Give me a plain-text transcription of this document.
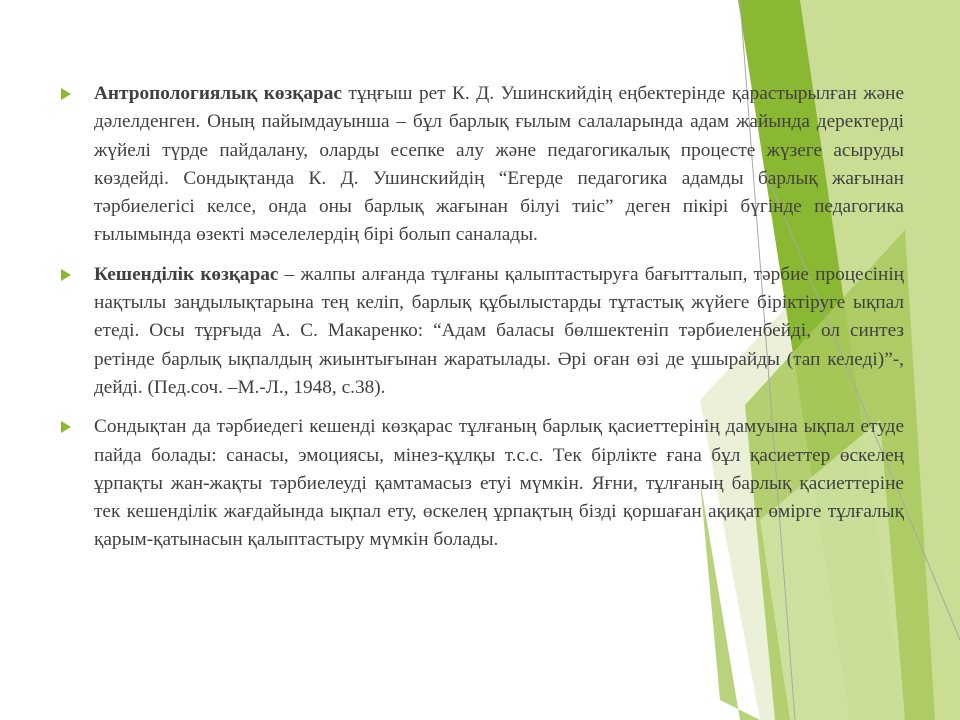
Антропологиялық көзқарас тұңғыш рет К. Д. Ушинскийдің еңбектерінде қарастырылған және дәлелденген. Оның пайымдауынша – бұл барлық ғылым салаларында адам жайында деректерді жүйелі түрде пайдалану, оларды есепке алу және педагогикалық процесте жүзеге асыруды көздейді. Сондықтанда К. Д. Ушинскийдің “Егерде педагогика адамды барлық жағынан тәрбиелегісі келсе, онда оны барлық жағынан білуі тиіс” деген пікірі бүгінде педагогика ғылымында өзекті мәселелердің бірі болып саналады.
Кешенділік көзқарас – жалпы алғанда тұлғаны қалыптастыруға бағытталып, тәрбие процесінің нақтылы заңдылықтарына тең келіп, барлық құбылыстарды тұтастық жүйеге біріктіруге ықпал етеді. Осы тұрғыда А. С. Макаренко: “Адам баласы бөлшектеніп тәрбиеленбейді, ол синтез ретінде барлық ықпалдың жиынтығынан жаратылады. Әрі оған өзі де ұшырайды (тап келеді)”-, дейді. (Пед.соч. –М.-Л., 1948, с.38).
Сондықтан да тәрбиедегі кешенді көзқарас тұлғаның барлық қасиеттерінің дамуына ықпал етуде пайда болады: санасы, эмоциясы, мінез-құлқы т.с.с. Тек бірлікте ғана бұл қасиеттер өскелең ұрпақты жан-жақты тәрбиелеуді қамтамасыз етуі мүмкін. Яғни, тұлғаның барлық қасиеттеріне тек кешенділік жағдайында ықпал ету, өскелең ұрпақтың бізді қоршаған ақиқат өмірге тұлғалық қарым-қатынасын қалыптастыру мүмкін болады.
